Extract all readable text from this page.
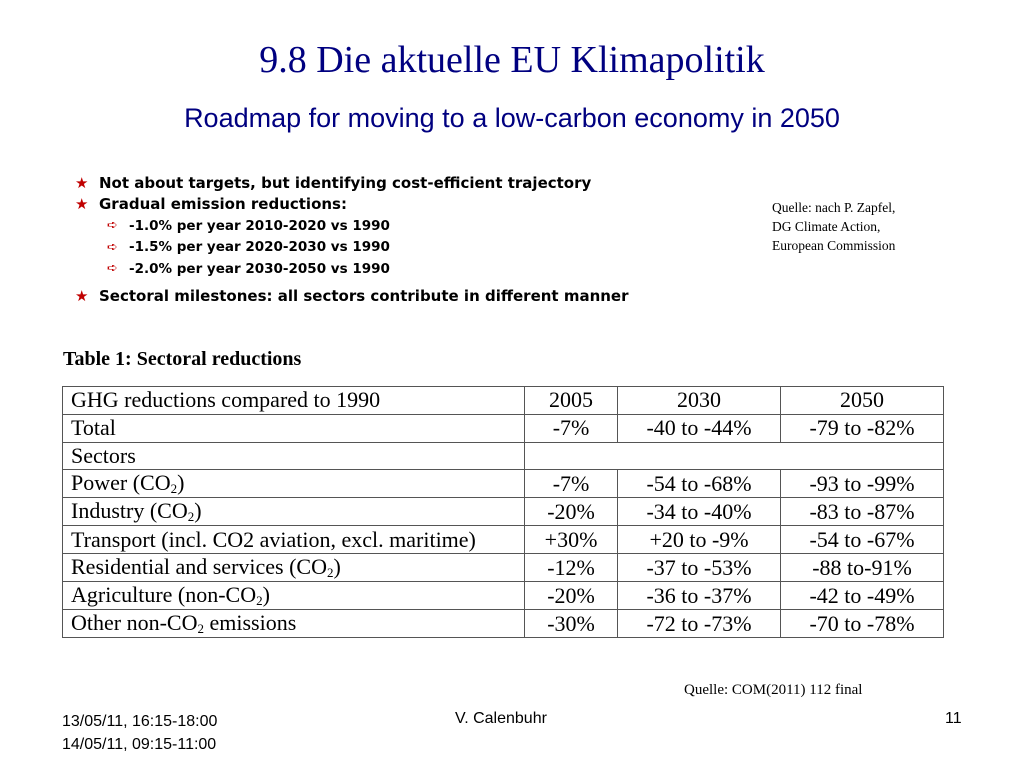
9.8 Die aktuelle EU Klimapolitik
Roadmap for moving to a low-carbon economy in 2050
★ Not about targets, but identifying cost-efficient trajectory
★ Gradual emission reductions:
➪ -1.0% per year 2010-2020 vs 1990
➪ -1.5% per year 2020-2030 vs 1990
➪ -2.0% per year 2030-2050 vs 1990
★ Sectoral milestones: all sectors contribute in different manner
Quelle: nach P. Zapfel,
DG Climate Action,
European Commission
Table 1: Sectoral reductions
GHG reductions compared to 1990	2005	2030	2050
Total	-7%	-40 to -44%	-79 to -82%
Sectors			
Power $(CO_2)$	-7%	-54 to -68%	-93 to -99%
Industry $(CO_2)$	-20%	-34 to -40%	-83 to -87%
Transport (incl. CO2 aviation, excl. maritime)	+30%	+20 to -9%	-54 to -67%
Residential and services $(CO_2)$	-12%	-37 to -53%	-88 to-91%
Agriculture $(non-CO_2)$	-20%	-36 to -37%	-42 to -49%
Other non-$CO_2$ emissions	-30%	-72 to -73%	-70 to -78%
Quelle: COM(2011) 112 final
13/05/11, 16:15-18:00
14/05/11, 09:15-11:00
V. Calenbuhr	11
